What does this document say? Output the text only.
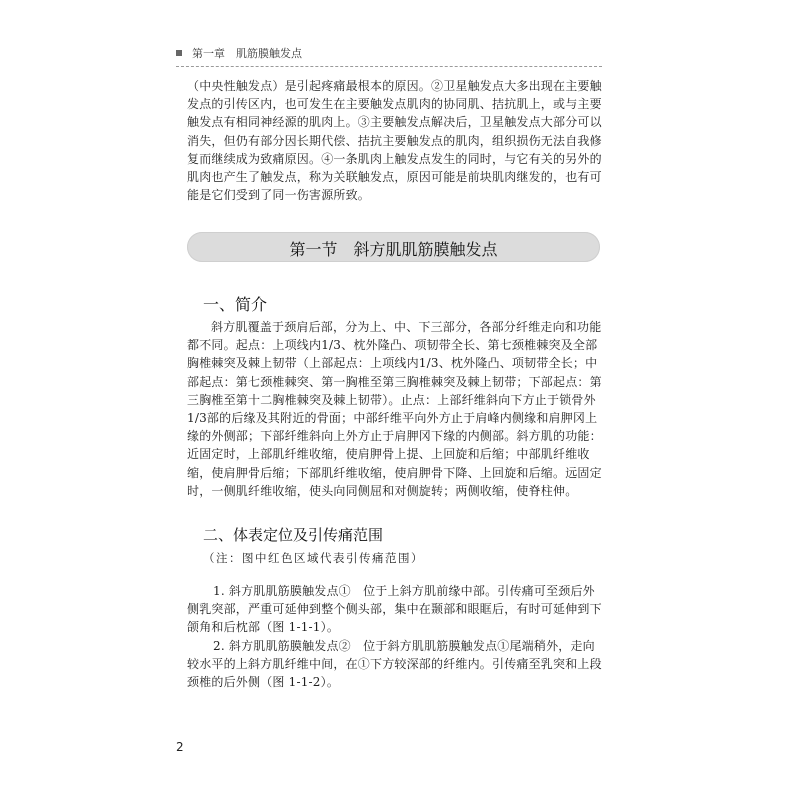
第一章　肌筋膜触发点

（中央性触发点）是引起疼痛最根本的原因。②卫星触发点大多出现在主要触发点的引传区内，也可发生在主要触发点肌肉的协同肌、拮抗肌上，或与主要触发点有相同神经源的肌肉上。③主要触发点解决后，卫星触发点大部分可以消失，但仍有部分因长期代偿、拮抗主要触发点的肌肉，组织损伤无法自我修复而继续成为致痛原因。④一条肌肉上触发点发生的同时，与它有关的另外的肌肉也产生了触发点，称为关联触发点，原因可能是前块肌肉继发的，也有可能是它们受到了同一伤害源所致。

第一节　斜方肌肌筋膜触发点
一、简介

斜方肌覆盖于颈肩后部，分为上、中、下三部分，各部分纤维走向和功能都不同。起点：上项线内1/3、枕外隆凸、项韧带全长、第七颈椎棘突及全部胸椎棘突及棘上韧带（上部起点：上项线内1/3、枕外隆凸、项韧带全长；中部起点：第七颈椎棘突、第一胸椎至第三胸椎棘突及棘上韧带；下部起点：第三胸椎至第十二胸椎棘突及棘上韧带）。止点：上部纤维斜向下方止于锁骨外1/3部的后缘及其附近的骨面；中部纤维平向外方止于肩峰内侧缘和肩胛冈上缘的外侧部；下部纤维斜向上外方止于肩胛冈下缘的内侧部。斜方肌的功能：近固定时，上部肌纤维收缩，使肩胛骨上提、上回旋和后缩；中部肌纤维收缩，使肩胛骨后缩；下部肌纤维收缩，使肩胛骨下降、上回旋和后缩。远固定时，一侧肌纤维收缩，使头向同侧屈和对侧旋转；两侧收缩，使脊柱伸。

二、体表定位及引传痛范围（注：图中红色区域代表引传痛范围）

1. 斜方肌肌筋膜触发点①　位于上斜方肌前缘中部。引传痛可至颈后外侧乳突部，严重可延伸到整个侧头部，集中在颞部和眼眶后，有时可延伸到下颌角和后枕部（图 1-1-1）。

2. 斜方肌肌筋膜触发点②　位于斜方肌肌筋膜触发点①尾端稍外，走向较水平的上斜方肌纤维中间，在①下方较深部的纤维内。引传痛至乳突和上段颈椎的后外侧（图 1-1-2）。

2
